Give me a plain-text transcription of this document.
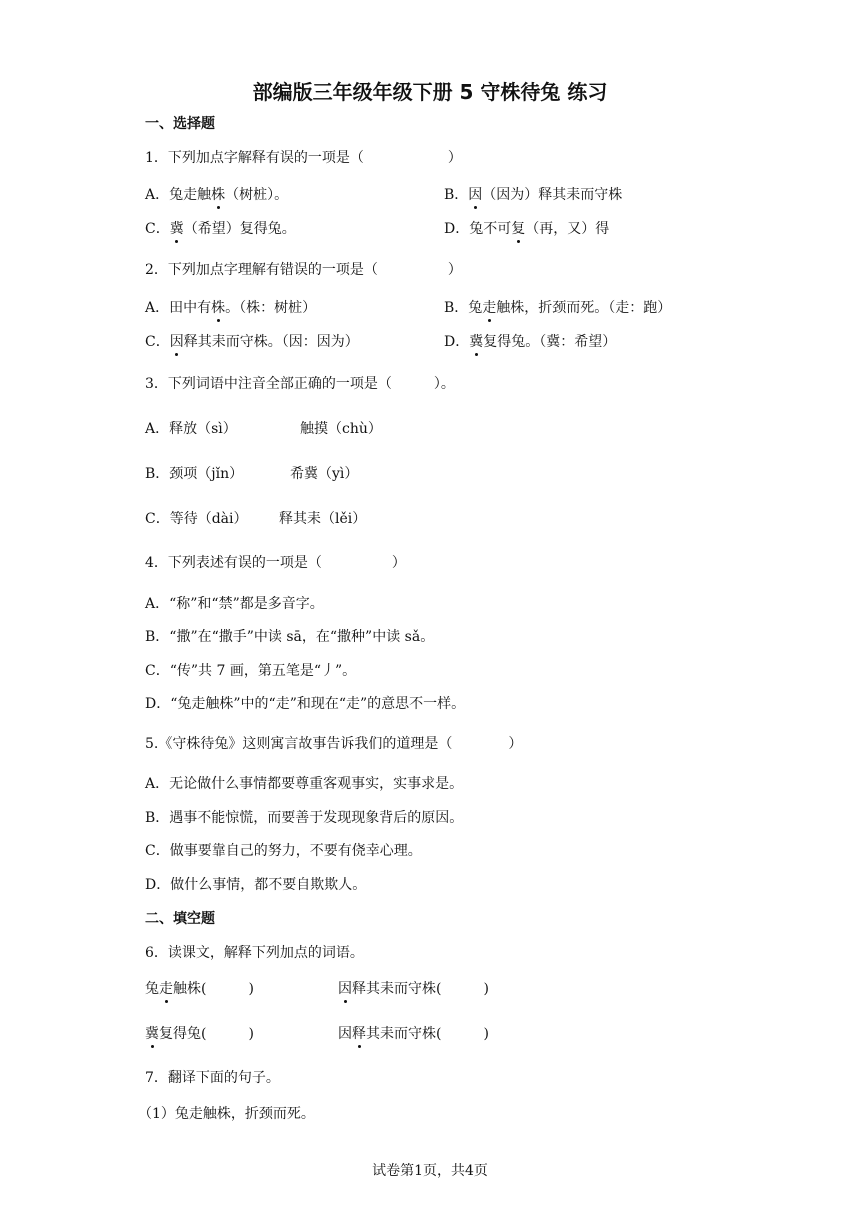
部编版三年级年级下册 5 守株待兔 练习
一、选择题
1．下列加点字解释有误的一项是（　　　　　　）
A．兔走触株（树桩）。	B．因（因为）释其耒而守株
C．冀（希望）复得兔。	D．兔不可复（再，又）得
2．下列加点字理解有错误的一项是（　　　　　）
A．田中有株。（株：树桩）	B．兔走触株，折颈而死。（走：跑）
C．因释其耒而守株。（因：因为）	D．冀复得兔。（冀：希望）
3．下列词语中注音全部正确的一项是（　　　）。
A．释放（sì）	触摸（chù）
B．颈项（jǐn）	希冀（yì）
C．等待（dài） 释其耒（lěi）
4．下列表述有误的一项是（　　　　　）
A．“称”和“禁”都是多音字。
B．“撒”在“撒手”中读 sā，在“撒种”中读 sǎ。
C．“传”共 7 画，第五笔是“丿”。
D．“兔走触株”中的“走”和现在“走”的意思不一样。
5.《守株待兔》这则寓言故事告诉我们的道理是（　　　　）
A．无论做什么事情都要尊重客观事实，实事求是。
B．遇事不能惊慌，而要善于发现现象背后的原因。
C．做事要靠自己的努力，不要有侥幸心理。
D．做什么事情，都不要自欺欺人。
二、填空题
6．读课文，解释下列加点的词语。
兔走触株(　　　)	因释其耒而守株(　　　)
冀复得兔(　　　)	因释其耒而守株(　　　)
7．翻译下面的句子。
（1）兔走触株，折颈而死。
试卷第1页，共4页
